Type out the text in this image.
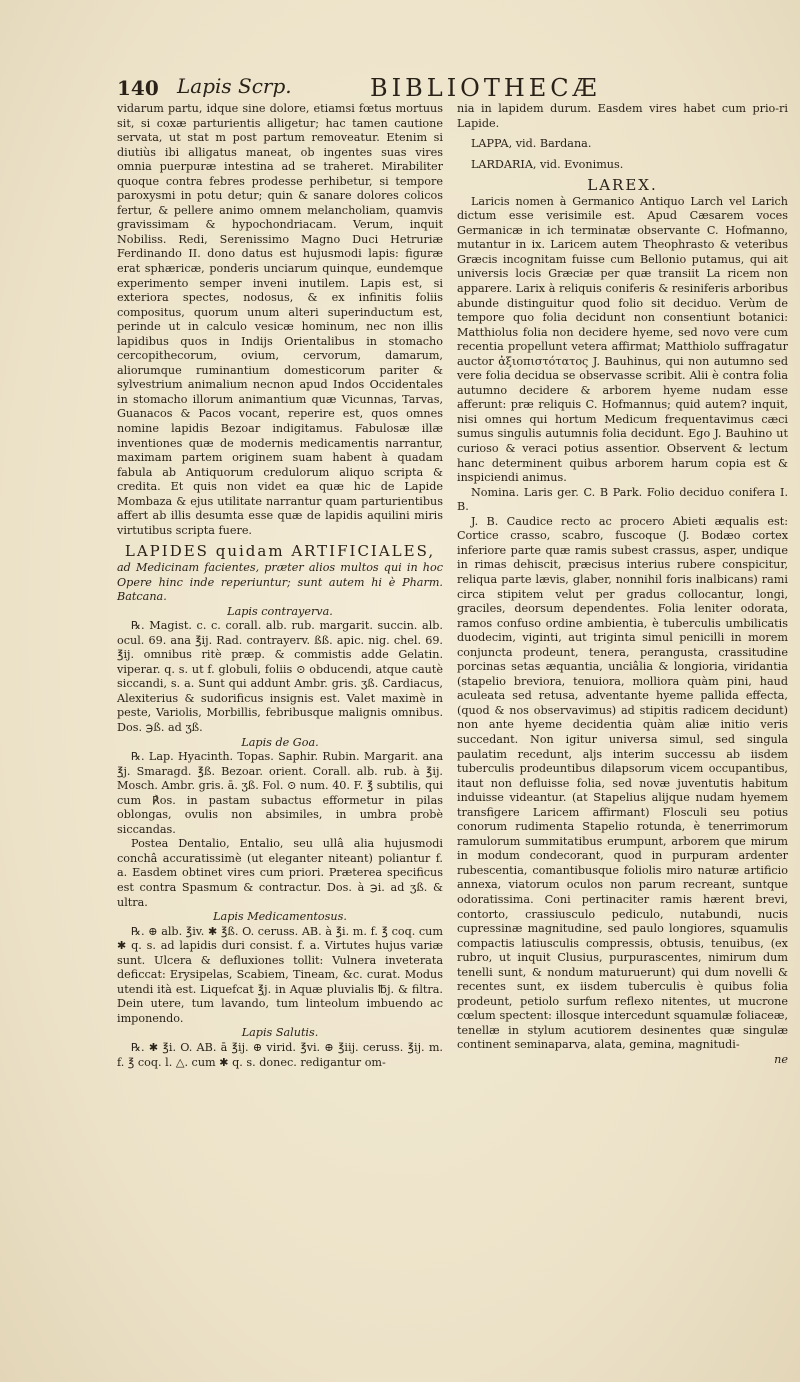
140 Lapis Scrp.	BIBLIOTHECÆ

vidarum partu, idque sine dolore, etiamsi fœtus mortuus sit, si coxæ parturientis alligetur; hac tamen cautione servata, ut stat m post partum removeatur. Etenim si diutiùs ibi alligatus maneat, ob ingentes suas vires omnia puerpuræ intestina ad se traheret. Mirabiliter quoque contra febres prodesse perhibetur, si tempore paroxysmi in potu detur; quin & sanare dolores colicos fertur, & pellere animo omnem melancholiam, quamvis gravissimam & hypochondriacam. Verum, inquit Nobiliss. Redi, Serenissimo Magno Duci Hetruriæ Ferdinando II. dono datus est hujusmodi lapis: figuræ erat sphæricæ, ponderis unciarum quinque, eundemque experimento semper inveni inutilem. Lapis est, si exteriora spectes, nodosus, & ex infinitis foliis compositus, quorum unum alteri superinductum est, perinde ut in calculo vesicæ hominum, nec non illis lapidibus quos in Indijs Orientalibus in stomacho cercopithecorum, ovium, cervorum, damarum, aliorumque ruminantium domesticorum pariter & sylvestrium animalium necnon apud Indos Occidentales in stomacho illorum animantium quæ Vicunnas, Tarvas, Guanacos & Pacos vocant, reperire est, quos omnes nomine lapidis Bezoar indigitamus. Fabulosæ illæ inventiones quæ de modernis medicamentis narrantur, maximam partem originem suam habent à quadam fabula ab Antiquorum credulorum aliquo scripta & credita. Et quis non videt ea quæ hic de Lapide Mombaza & ejus utilitate narrantur quam parturientibus affert ab illis desumta esse quæ de lapidis aquilini miris virtutibus scripta fuere.

LAPIDES quidam ARTIFICIALES,

ad Medicinam facientes, præter alios multos qui in hoc Opere hinc inde reperiuntur; sunt autem hi è Pharm. Batcana.

Lapis contrayerva.

℞. Magist. c. c. corall. alb. rub. margarit. succin. alb. ocul. 69. ana ℥ij. Rad. contrayerv. ßß. apic. nig. chel. 69. ℥ij. omnibus ritè præp. & commistis adde Gelatin. viperar. q. s. ut f. globuli, foliis ⊙ obducendi, atque cautè siccandi, s. a. Sunt qui addunt Ambr. gris. ʒß. Cardiacus, Alexiterius & sudorificus insignis est. Valet maximè in peste, Variolis, Morbillis, febribusque malignis omnibus. Dos. ℈ß. ad ʒß.

Lapis de Goa.

℞. Lap. Hyacinth. Topas. Saphir. Rubin. Margarit. ana ℥j. Smaragd. ℥ß. Bezoar. orient. Corall. alb. rub. à ℥ij. Mosch. Ambr. gris. ā. ʒß. Fol. ⊙ num. 40. F. ℥ subtilis, qui cum ℟os. in pastam subactus efformetur in pilas oblongas, ovulis non absimiles, in umbra probè siccandas.

Postea Dentalio, Entalio, seu ullâ alia hujusmodi conchâ accuratissimè (ut eleganter niteant) poliantur f. a. Easdem obtinet vires cum priori. Præterea specificus est contra Spasmum & contractur. Dos. à ℈i. ad ʒß. & ultra.

Lapis Medicamentosus.

℞. ⊕ alb. ℥iv. ✱ ℥ß. O. ceruss. AB. à ℥i. m. f. ℥ coq. cum ✱ q. s. ad lapidis duri consist. f. a. Virtutes hujus variæ sunt. Ulcera & defluxiones tollit: Vulnera inveterata deficcat: Erysipelas, Scabiem, Tineam, &c. curat. Modus utendi ità est. Liquefcat ℥j. in Aquæ pluvialis ℔j. & filtra. Dein utere, tum lavando, tum linteolum imbuendo ac imponendo.

Lapis Salutis.

℞. ✱ ℥i. O. AB. ā ℥ij. ⊕ virid. ℥vi. ⊕ ℥iij. ceruss. ℥ij. m. f. ℥ coq. l. △. cum ✱ q. s. donec. redigantur om-

nia in lapidem durum. Easdem vires habet cum prio-ri Lapide.

LAPPA, vid. Bardana.

LARDARIA, vid. Evonimus.

LAREX.

Laricis nomen à Germanico Antiquo Larch vel Larich dictum esse verisimile est. Apud Cæsarem voces Germanicæ in ich terminatæ observante C. Hofmanno, mutantur in ix. Laricem autem Theophrasto & veteribus Græcis incognitam fuisse cum Bellonio putamus, qui ait universis locis Græciæ per quæ transiit La ricem non apparere. Larix à reliquis coniferis & resiniferis arboribus abunde distinguitur quod folio sit deciduo. Verùm de tempore quo folia decidunt non consentiunt botanici: Matthiolus folia non decidere hyeme, sed novo vere cum recentia propellunt vetera affirmat; Matthiolo suffragatur auctor ἀξιοπιστότατος J. Bauhinus, qui non autumno sed vere folia decidua se observasse scribit. Alii è contra folia autumno decidere & arborem hyeme nudam esse afferunt: præ reliquis C. Hofmannus; quid autem? inquit, nisi omnes qui hortum Medicum frequentavimus cæci sumus singulis autumnis folia decidunt. Ego J. Bauhino ut curioso & veraci potius assentior. Observent & lectum hanc determinent quibus arborem harum copia est & inspiciendi animus.

Nomina. Laris ger. C. B Park. Folio deciduo conifera I. B.

J. B. Caudice recto ac procero Abieti æqualis est: Cortice crasso, scabro, fuscoque (J. Bodæo cortex inferiore parte quæ ramis subest crassus, asper, undique in rimas dehiscit, præcisus interius rubere conspicitur, reliqua parte lævis, glaber, nonnihil foris inalbicans) rami circa stipitem velut per gradus collocantur, longi, graciles, deorsum dependentes. Folia leniter odorata, ramos confuso ordine ambientia, è tuberculis umbilicatis duodecim, viginti, aut triginta simul penicilli in morem conjuncta prodeunt, tenera, perangusta, crassitudine porcinas setas æquantia, unciâlia & longioria, viridantia (stapelio breviora, tenuiora, molliora quàm pini, haud aculeata sed retusa, adventante hyeme pallida effecta, (quod & nos observavimus) ad stipitis radicem decidunt) non ante hyeme decidentia quàm aliæ initio veris succedant. Non igitur universa simul, sed singula paulatim recedunt, aljs interim successu ab iisdem tuberculis prodeuntibus dilapsorum vicem occupantibus, itaut non defluisse folia, sed novæ juventutis habitum induisse videantur. (at Stapelius alijque nudam hyemem transfigere Laricem affirmant) Flosculi seu potius conorum rudimenta Stapelio rotunda, è tenerrimorum ramulorum summitatibus erumpunt, arborem que mirum in modum condecorant, quod in purpuram ardenter rubescentia, comantibusque foliolis miro naturæ artificio annexa, viatorum oculos non parum recreant, suntque odoratissima. Coni pertinaciter ramis hærent brevi, contorto, crassiusculo pediculo, nutabundi, nucis cupressinæ magnitudine, sed paulo longiores, squamulis compactis latiusculis compressis, obtusis, tenuibus, (ex rubro, ut inquit Clusius, purpurascentes, nimirum dum tenelli sunt, & nondum maturuerunt) qui dum novelli & recentes sunt, ex iisdem tuberculis è quibus folia prodeunt, petiolo surfum reflexo nitentes, ut mucrone cœlum spectent: illosque intercedunt squamulæ foliaceæ, tenellæ in stylum acutiorem desinentes quæ singulæ continent seminaparva, alata, gemina, magnitudi-

ne
